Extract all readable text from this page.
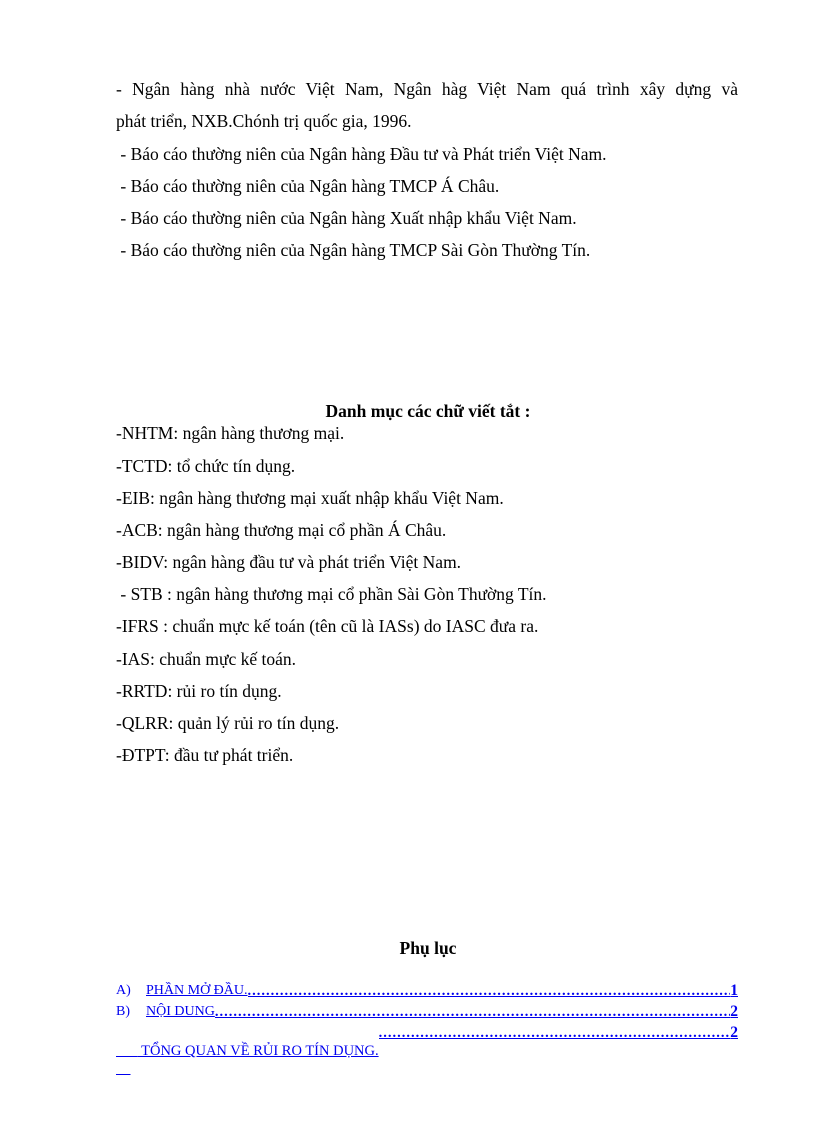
- Ngân hàng nhà nước Việt Nam, Ngân hàg Việt Nam quá trình xây dựng và
phát triển, NXB.Chónh trị quốc gia, 1996.
- Báo cáo thường niên của Ngân hàng Đầu tư và Phát triển Việt Nam.
- Báo cáo thường niên của Ngân hàng TMCP Á Châu.
- Báo cáo thường niên của Ngân hàng Xuất nhập khẩu Việt Nam.
- Báo cáo thường niên của Ngân hàng TMCP Sài Gòn Thường Tín.
Danh mục các chữ viết tắt :
-NHTM: ngân hàng thương mại.
-TCTD: tổ chức tín dụng.
-EIB: ngân hàng thương mại xuất nhập khẩu Việt Nam.
-ACB: ngân hàng thương mại cổ phần Á Châu.
-BIDV: ngân hàng đầu tư và phát triển Việt Nam.
- STB : ngân hàng thương mại cổ phần Sài Gòn Thường Tín.
-IFRS : chuẩn mực kế toán (tên cũ là IASs) do IASC đưa ra.
-IAS: chuẩn mực kế toán.
-RRTD: rủi ro tín dụng.
-QLRR: quản lý rủi ro tín dụng.
-ĐTPT: đầu tư phát triển.
Phụ lục
A) PHẦN MỞ ĐẦU. .....	1
B) NỘI DUNG .....	2

TỔNG QUAN VỀ RỦI RO TÍN DỤNG.

.....
2
